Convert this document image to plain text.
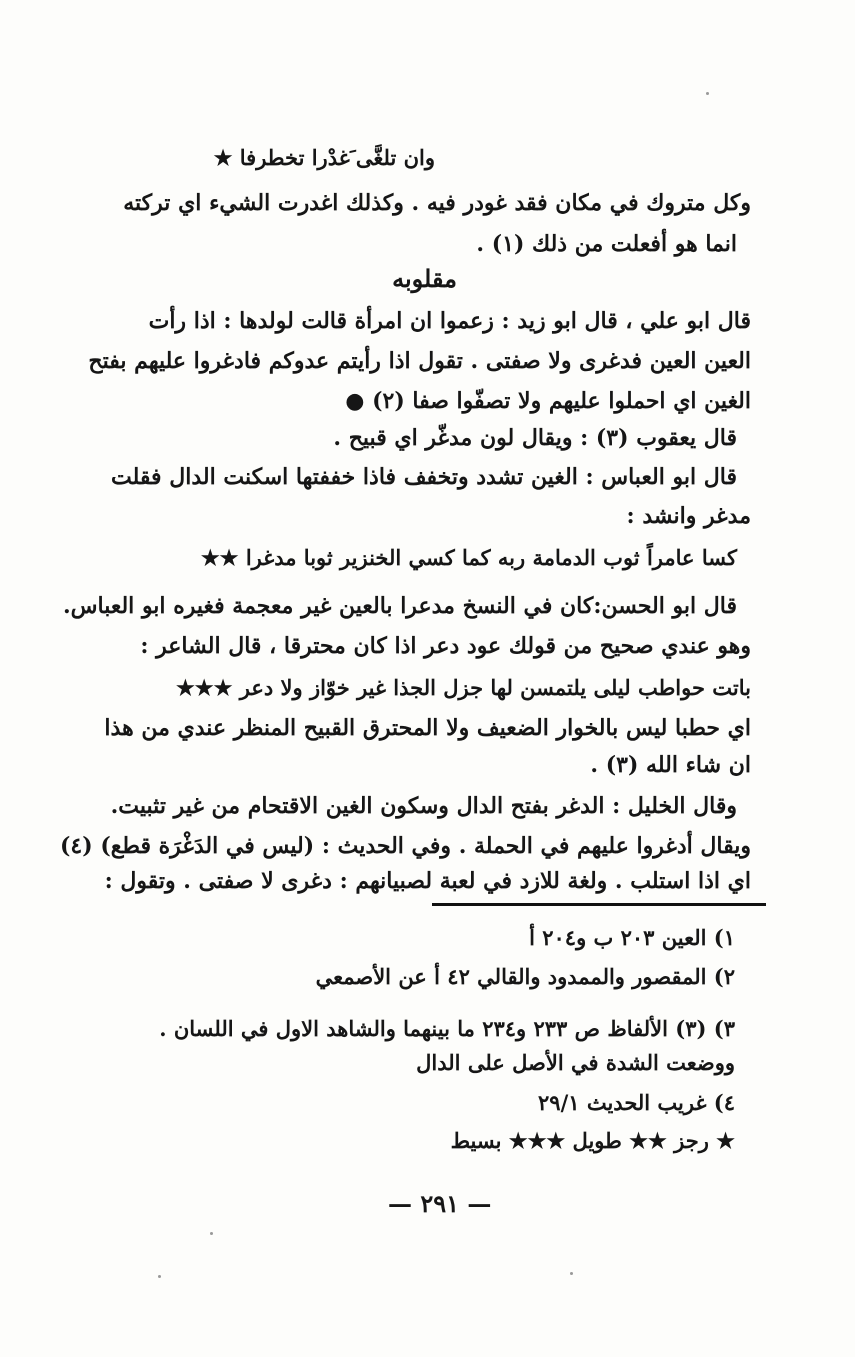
وان تلغَّى َغدْرا تخطرفا ★
وكل متروك في مكان فقد غودر فيه . وكذلك اغدرت الشيء اي تركته
انما هو أفعلت من ذلك (١) .
مقلوبه
قال ابو علي ، قال ابو زيد : زعموا ان امرأة قالت لولدها : اذا رأت
العين العين فدغرى ولا صفتى . تقول اذا رأيتم عدوكم فادغروا عليهم بفتح
الغين اي احملوا عليهم ولا تصفّوا صفا (٢) ●
قال يعقوب (٣) : ويقال لون مدغّر اي قبيح .
قال ابو العباس : الغين تشدد وتخفف فاذا خففتها اسكنت الدال فقلت
مدغر وانشد :
كسا عامراً ثوب الدمامة ربه كما كسي الخنزير ثوبا مدغرا ★★
قال ابو الحسن:كان في النسخ مدعرا بالعين غير معجمة فغيره ابو العباس.
وهو عندي صحيح من قولك عود دعر اذا كان محترقا ، قال الشاعر :
باتت حواطب ليلى يلتمسن لها جزل الجذا غير خوّاز ولا دعر ★★★
اي حطبا ليس بالخوار الضعيف ولا المحترق القبيح المنظر عندي من هذا
ان شاء الله (٣) .
وقال الخليل : الدغر بفتح الدال وسكون الغين الاقتحام من غير تثبيت.
ويقال أدغروا عليهم في الحملة . وفي الحديث : (ليس في الدَغْرَة قطع) (٤)
اي اذا استلب . ولغة للازد في لعبة لصبيانهم : دغرى لا صفتى . وتقول :
١) العين ٢٠٣ ب و٢٠٤ أ
٢) المقصور والممدود والقالي ٤٢ أ عن الأصمعي
٣) (٣) الألفاظ ص ٢٣٣ و٢٣٤ ما بينهما والشاهد الاول في اللسان .
ووضعت الشدة في الأصل على الدال
٤) غريب الحديث ٢٩/١
★ رجز ★★ طويل ★★★ بسيط
— ٢٩١ —
